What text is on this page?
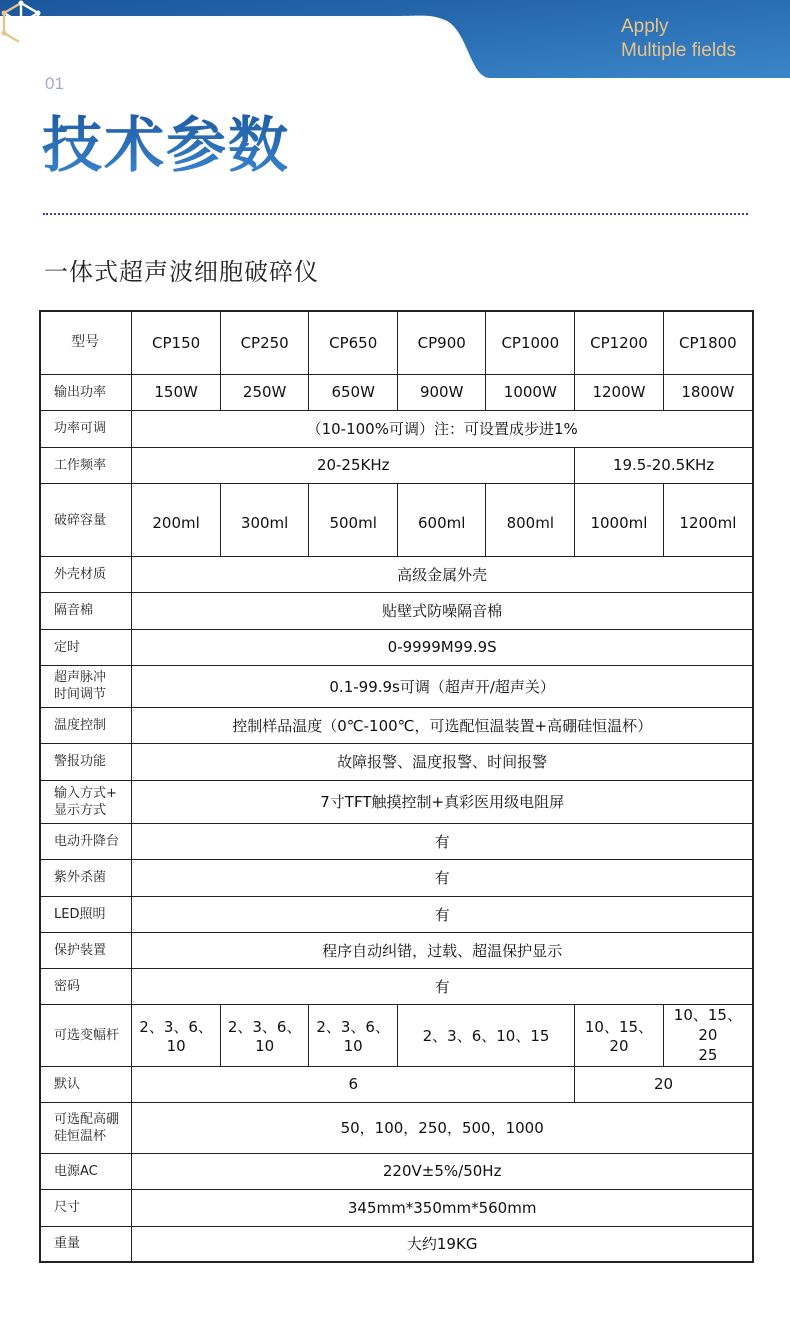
Apply
Multiple fields
01
技术参数
一体式超声波细胞破碎仪
型号	CP150	CP250	CP650	CP900	CP1000	CP1200	CP1800
输出功率	150W	250W	650W	900W	1000W	1200W	1800W
功率可调	（10-100%可调）注：可设置成步进1%						
工作频率	20-25KHz					19.5-20.5KHz	
破碎容量	200ml	300ml	500ml	600ml	800ml	1000ml	1200ml
外壳材质	高级金属外壳						
隔音棉	贴壁式防噪隔音棉						
定时	0-9999M99.9S						

超声脉冲
时间调节	0.1-99.9s可调（超声开/超声关）						
温度控制	控制样品温度（0℃-100℃，可选配恒温装置+高硼硅恒温杯）						
警报功能	故障报警、温度报警、时间报警						

输入方式+
显示方式	7寸TFT触摸控制+真彩医用级电阻屏						
电动升降台	有						
紫外杀菌	有						
LED照明	有						
保护装置	程序自动纠错，过载、超温保护显示						
密码	有						
可选变幅杆	2、3、6、10	2、3、6、10	2、3、6、10	2、3、6、10、15		10、15、20	10、15、20
25

默认	6					20	

可选配高硼
硅恒温杯	50，100，250，500，1000						
电源AC	220V±5%/50Hz						
尺寸	345mm*350mm*560mm						
重量	大约19KG						
